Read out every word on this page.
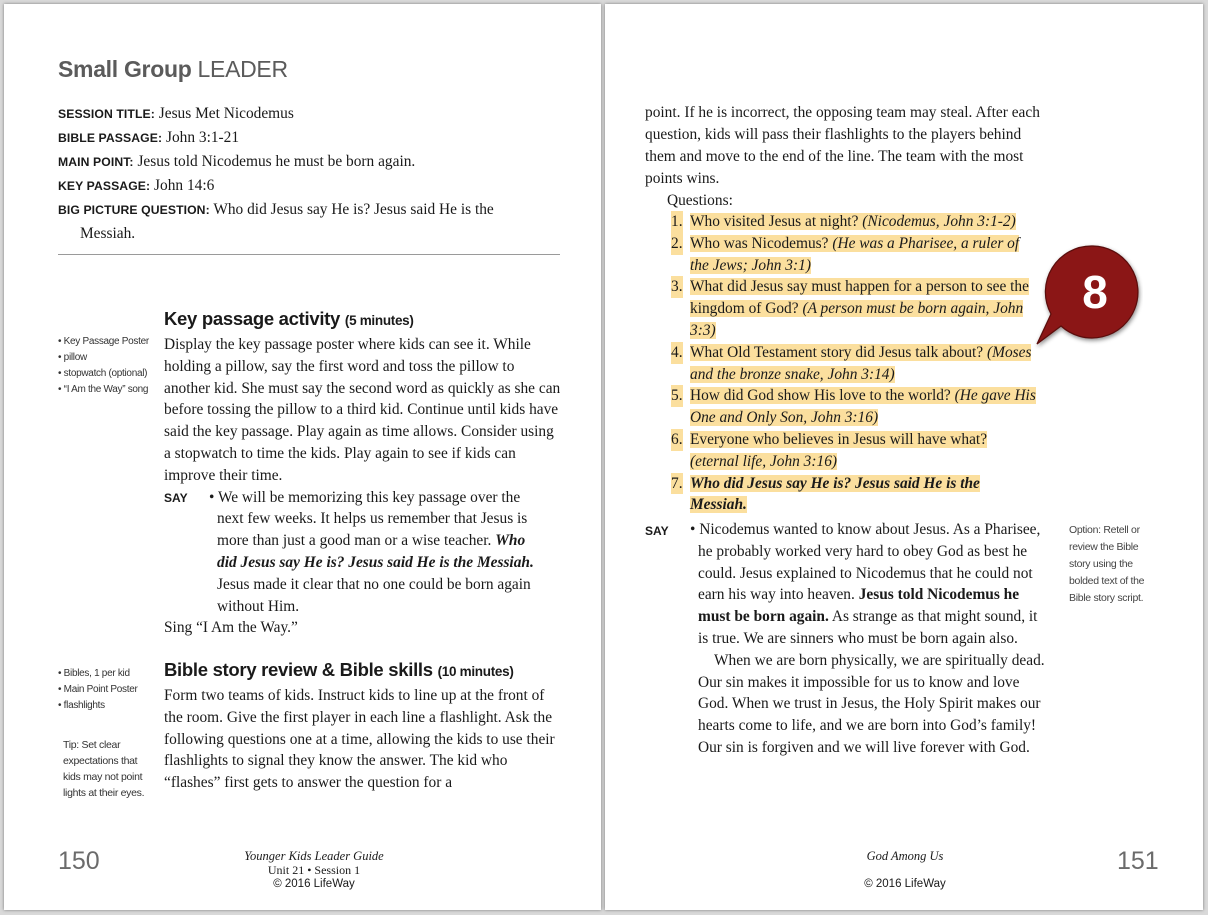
Small Group LEADER
SESSION TITLE: Jesus Met Nicodemus
BIBLE PASSAGE: John 3:1-21
MAIN POINT: Jesus told Nicodemus he must be born again.
KEY PASSAGE: John 14:6
BIG PICTURE QUESTION: Who did Jesus say He is? Jesus said He is the
Messiah.
• Key Passage Poster
• pillow
• stopwatch (optional)
• “I Am the Way” song
Key passage activity (5 minutes)

Display the key passage poster where kids can see it. While holding a pillow, say the first word and toss the pillow to another kid. She must say the second word as quickly as she can before tossing the pillow to a third kid. Continue until kids have said the key passage. Play again as time allows. Consider using a stopwatch to time the kids. Play again to see if kids can improve their time.

SAY • We will be memorizing this key passage over the next few weeks. It helps us remember that Jesus is more than just a good man or a wise teacher. Who did Jesus say He is? Jesus said He is the Messiah. Jesus made it clear that no one could be born again without Him.

Sing “I Am the Way.”

• Bibles, 1 per kid
• Main Point Poster
• flashlights
Bible story review & Bible skills (10 minutes)

Form two teams of kids. Instruct kids to line up at the front of the room. Give the first player in each line a flashlight. Ask the following questions one at a time, allowing the kids to use their flashlights to signal they know the answer. The kid who “flashes” first gets to answer the question for a

Tip: Set clear expectations that kids may not point lights at their eyes.
150	Younger Kids Leader Guide
Unit 21 • Session 1
© 2016 LifeWay
point. If he is incorrect, the opposing team may steal. After each question, kids will pass their flashlights to the players behind them and move to the end of the line. The team with the most points wins.
Questions:
1. Who visited Jesus at night? (Nicodemus, John 3:1-2)
2. Who was Nicodemus? (He was a Pharisee, a ruler of the Jews; John 3:1)
3. What did Jesus say must happen for a person to see the kingdom of God? (A person must be born again, John 3:3)
4. What Old Testament story did Jesus talk about? (Moses and the bronze snake, John 3:14)
5. How did God show His love to the world? (He gave His One and Only Son, John 3:16)
6. Everyone who believes in Jesus will have what? (eternal life, John 3:16)
7. Who did Jesus say He is? Jesus said He is the Messiah.
8
SAY • Nicodemus wanted to know about Jesus. As a Pharisee, he probably worked very hard to obey God as best he could. Jesus explained to Nicodemus that he could not earn his way into heaven. Jesus told Nicodemus he must be born again. As strange as that might sound, it is true. We are sinners who must be born again also.
When we are born physically, we are spiritually dead. Our sin makes it impossible for us to know and love God. When we trust in Jesus, the Holy Spirit makes our hearts come to life, and we are born into God’s family! Our sin is forgiven and we will live forever with God.
Option: Retell or review the Bible story using the bolded text of the Bible story script.
God Among Us
© 2016 LifeWay
151
